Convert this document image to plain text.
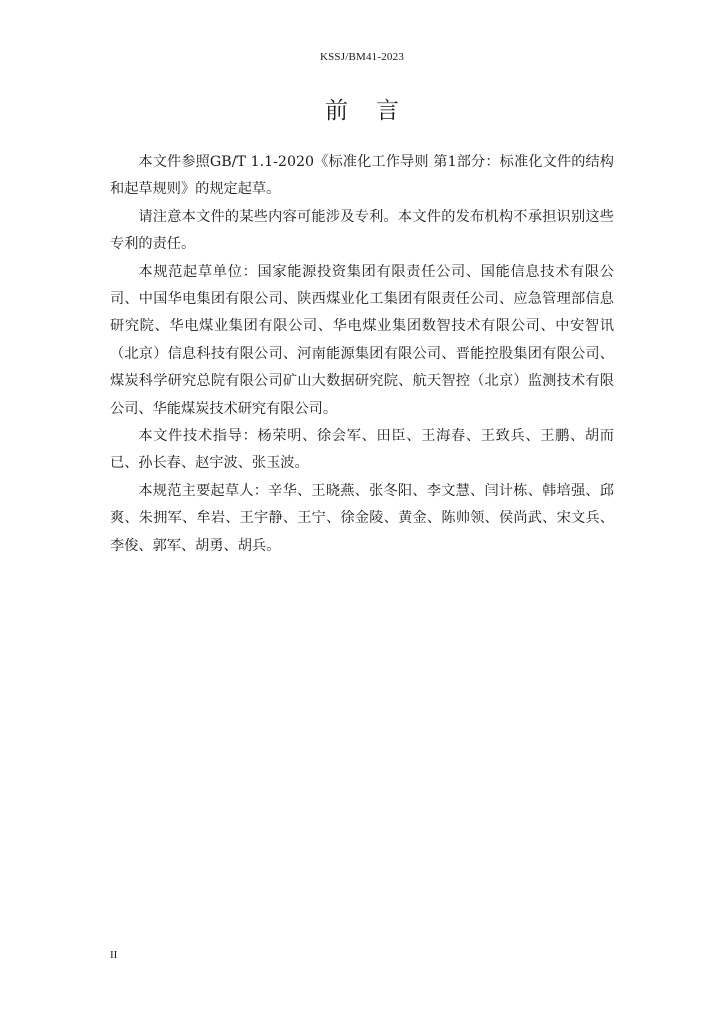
KSSJ/BM41-2023
前言

本文件参照GB/T 1.1-2020《标准化工作导则 第1部分：标准化文件的结构和起草规则》的规定起草。

请注意本文件的某些内容可能涉及专利。本文件的发布机构不承担识别这些专利的责任。

本规范起草单位：国家能源投资集团有限责任公司、国能信息技术有限公司、中国华电集团有限公司、陕西煤业化工集团有限责任公司、应急管理部信息研究院、华电煤业集团有限公司、华电煤业集团数智技术有限公司、中安智讯（北京）信息科技有限公司、河南能源集团有限公司、晋能控股集团有限公司、煤炭科学研究总院有限公司矿山大数据研究院、航天智控（北京）监测技术有限公司、华能煤炭技术研究有限公司。

本文件技术指导：杨荣明、徐会军、田臣、王海春、王致兵、王鹏、胡而已、孙长春、赵宇波、张玉波。

本规范主要起草人：辛华、王晓燕、张冬阳、李文慧、闫计栋、韩培强、邱爽、朱拥军、牟岩、王宇静、王宁、徐金陵、黄金、陈帅领、侯尚武、宋文兵、李俊、郭军、胡勇、胡兵。

II
